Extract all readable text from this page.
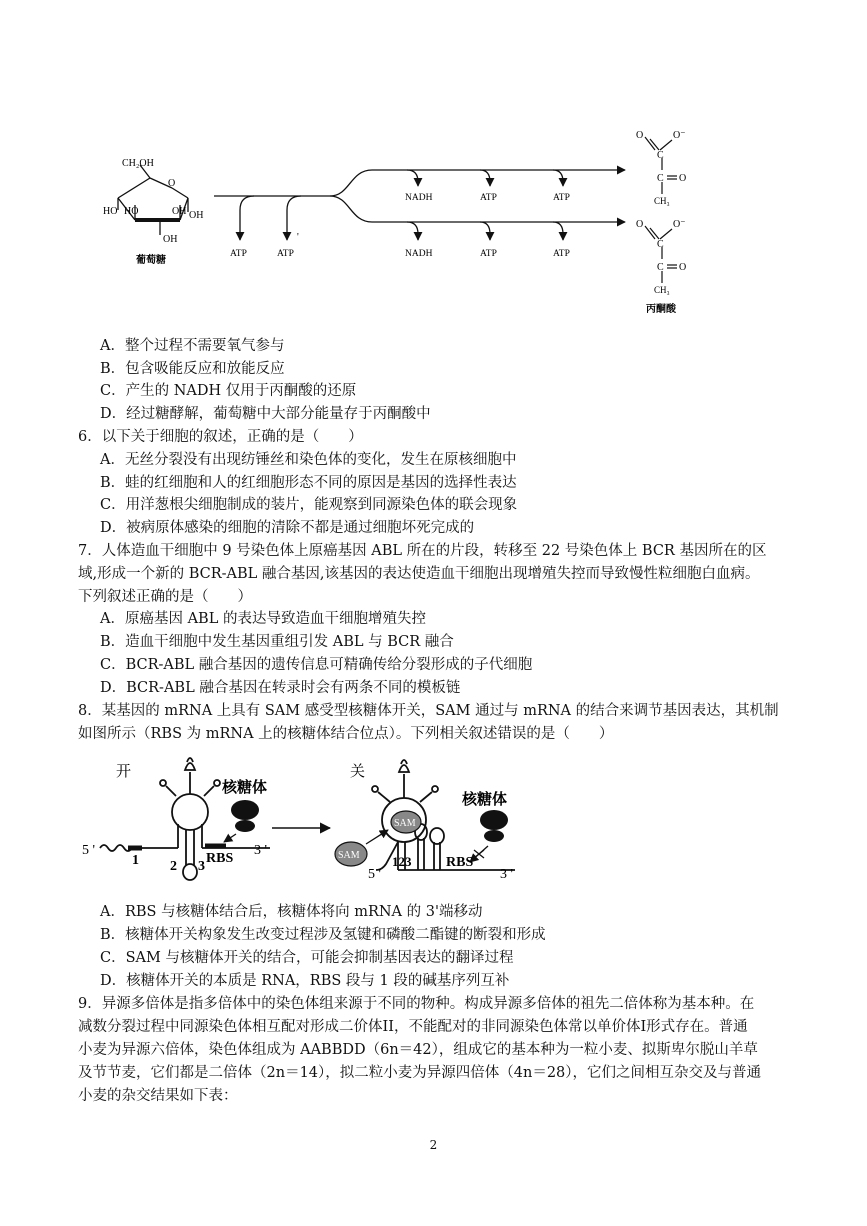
CH₂OH
O
HO HO	OH OH
OH
葡萄糖
ATP	ATP
'
NADH	ATP	ATP
NADH	ATP	ATP
O	O⁻
C
C O
CH₃
O	O⁻
C
C O
CH₃
丙酮酸
A．整个过程不需要氧气参与
B．包含吸能反应和放能反应
C．产生的 NADH 仅用于丙酮酸的还原
D．经过糖酵解，葡萄糖中大部分能量存于丙酮酸中
6．以下关于细胞的叙述，正确的是（　　）
A．无丝分裂没有出现纺锤丝和染色体的变化，发生在原核细胞中
B．蛙的红细胞和人的红细胞形态不同的原因是基因的选择性表达
C．用洋葱根尖细胞制成的装片，能观察到同源染色体的联会现象
D．被病原体感染的细胞的清除不都是通过细胞坏死完成的
7．人体造血干细胞中 9 号染色体上原癌基因 ABL 所在的片段，转移至 22 号染色体上 BCR 基因所在的区
域,形成一个新的 BCR-ABL 融合基因,该基因的表达使造血干细胞出现增殖失控而导致慢性粒细胞白血病。
下列叙述正确的是（　　）
A．原癌基因 ABL 的表达导致造血干细胞增殖失控
B．造血干细胞中发生基因重组引发 ABL 与 BCR 融合
C．BCR-ABL 融合基因的遗传信息可精确传给分裂形成的子代细胞
D．BCR-ABL 融合基因在转录时会有两条不同的模板链
8．某基因的 mRNA 上具有 SAM 感受型核糖体开关，SAM 通过与 mRNA 的结合来调节基因表达，其机制
如图所示（RBS 为 mRNA 上的核糖体结合位点）。下列相关叙述错误的是（　　）
开
核糖体
5 '	3 '
1 2 3
RBS
关
SAM
SAM
核糖体
5 '	3 '
123 RBS
A．RBS 与核糖体结合后，核糖体将向 mRNA 的 3'端移动
B．核糖体开关构象发生改变过程涉及氢键和磷酸二酯键的断裂和形成
C．SAM 与核糖体开关的结合，可能会抑制基因表达的翻译过程
D．核糖体开关的本质是 RNA，RBS 段与 1 段的碱基序列互补
9．异源多倍体是指多倍体中的染色体组来源于不同的物种。构成异源多倍体的祖先二倍体称为基本种。在
减数分裂过程中同源染色体相互配对形成二价体II，不能配对的非同源染色体常以单价体I形式存在。普通
小麦为异源六倍体，染色体组成为 AABBDD（6n＝42），组成它的基本种为一粒小麦、拟斯卑尔脱山羊草
及节节麦，它们都是二倍体（2n＝14），拟二粒小麦为异源四倍体（4n＝28），它们之间相互杂交及与普通
小麦的杂交结果如下表：
2
